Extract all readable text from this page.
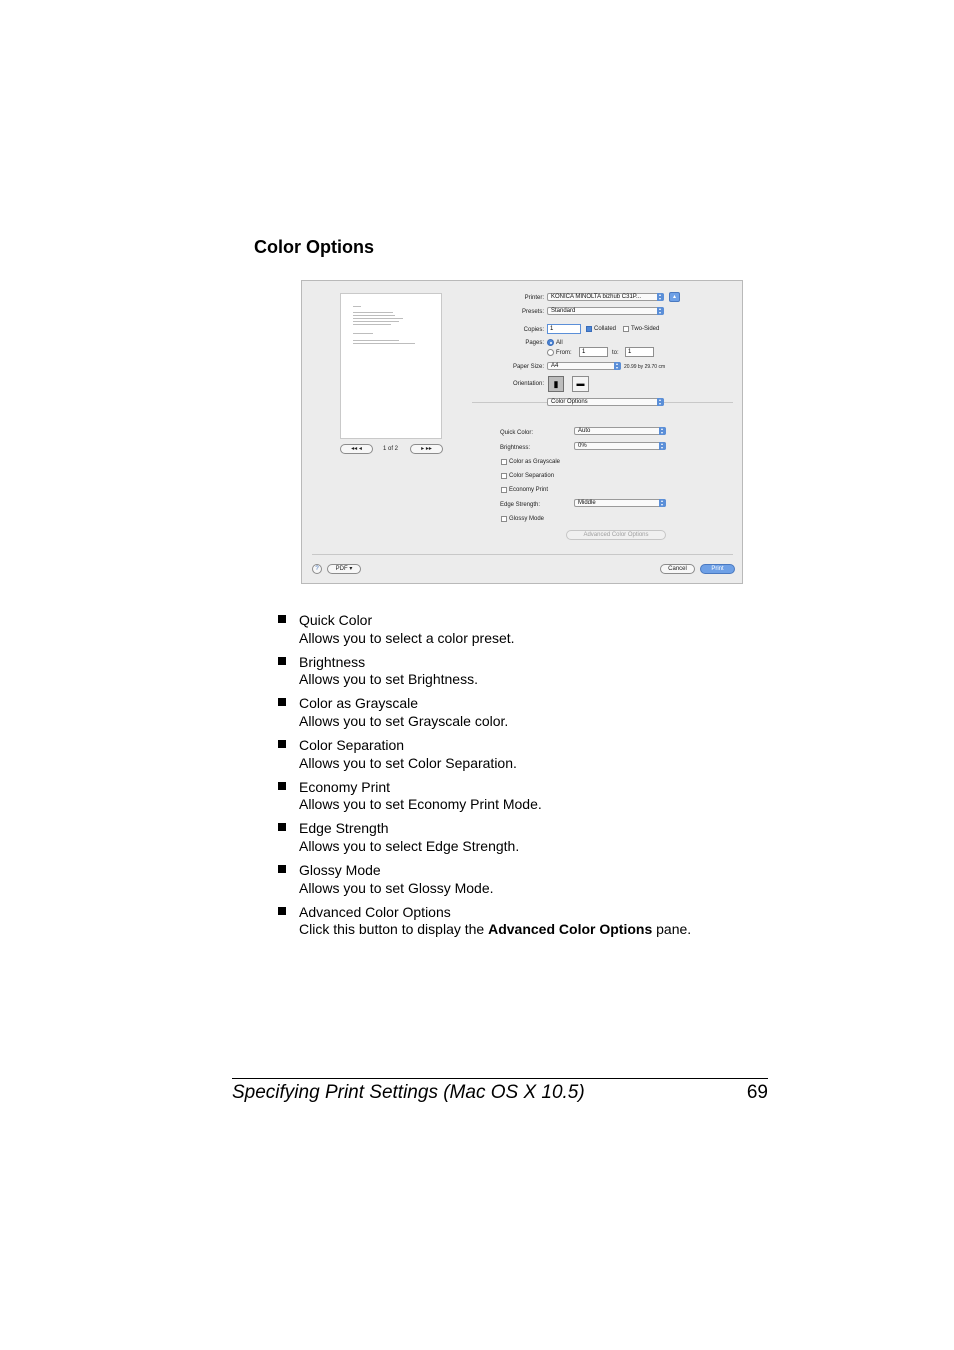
Color Options
◂◂ ◂	1 of 2	▸ ▸▸
Printer: KONICA MINOLTA bizhub C31P...	▴
Presets: Standard
Copies: 1	Collated Two-Sided
Pages: All
From: 1	to: 1
Paper Size: A4	20.99 by 29.70 cm
Orientation:	▮	▬
Color Options
Quick Color:	Auto
Brightness:	0%
Color as Grayscale
Color Separation
Economy Print
Edge Strength:	Middle
Glossy Mode
Advanced Color Options
?	PDF ▾	Cancel	Print
Quick Color
Allows you to select a color preset.
Brightness
Allows you to set Brightness.
Color as Grayscale
Allows you to set Grayscale color.
Color Separation
Allows you to set Color Separation.
Economy Print
Allows you to set Economy Print Mode.
Edge Strength
Allows you to select Edge Strength.
Glossy Mode
Allows you to set Glossy Mode.
Advanced Color Options
Click this button to display the Advanced Color Options pane.
Specifying Print Settings (Mac OS X 10.5)	69
